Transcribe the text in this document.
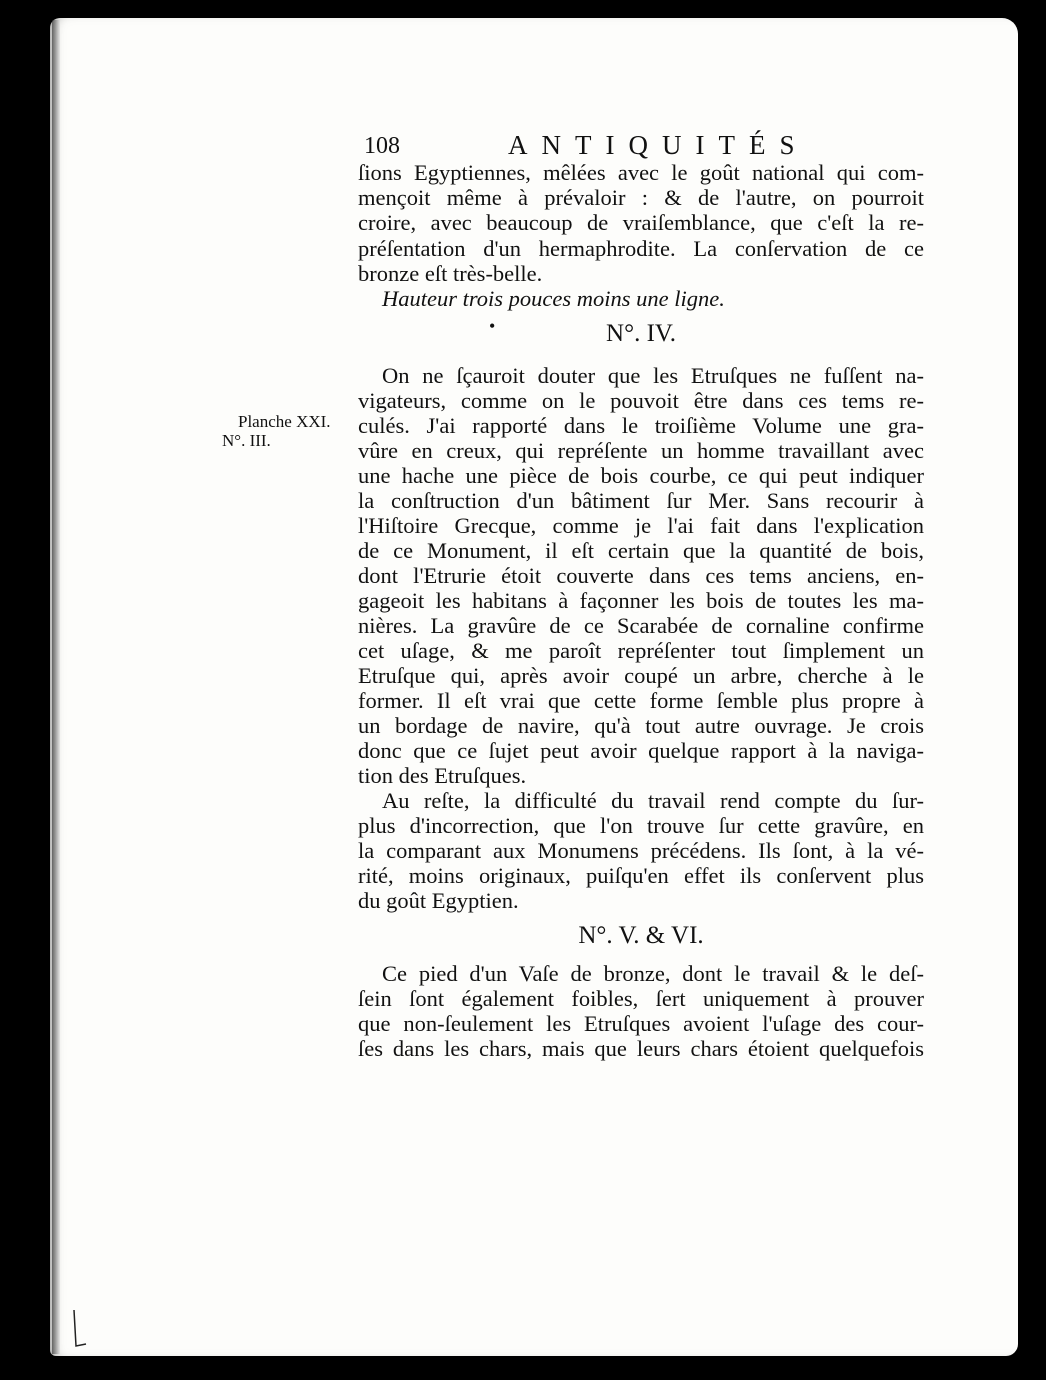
108	ANTIQUITÉS
ſions Egyptiennes, mêlées avec le goût national qui com-
mençoit même à prévaloir : & de l'autre, on pourroit
croire, avec beaucoup de vraiſemblance, que c'eſt la re-
préſentation d'un hermaphrodite. La conſervation de ce
bronze eſt très-belle.
Hauteur trois pouces moins une ligne.
•	N°. IV.
Planche XXI.
N°. III.
On ne ſçauroit douter que les Etruſques ne fuſſent na-
vigateurs, comme on le pouvoit être dans ces tems re-
culés. J'ai rapporté dans le troiſième Volume une gra-
vûre en creux, qui repréſente un homme travaillant avec
une hache une pièce de bois courbe, ce qui peut indiquer
la conſtruction d'un bâtiment ſur Mer. Sans recourir à
l'Hiſtoire Grecque, comme je l'ai fait dans l'explication
de ce Monument, il eſt certain que la quantité de bois,
dont l'Etrurie étoit couverte dans ces tems anciens, en-
gageoit les habitans à façonner les bois de toutes les ma-
nières. La gravûre de ce Scarabée de cornaline confirme
cet uſage, & me paroît repréſenter tout ſimplement un
Etruſque qui, après avoir coupé un arbre, cherche à le
former. Il eſt vrai que cette forme ſemble plus propre à
un bordage de navire, qu'à tout autre ouvrage. Je crois
donc que ce ſujet peut avoir quelque rapport à la naviga-
tion des Etruſques.
Au reſte, la difficulté du travail rend compte du ſur-
plus d'incorrection, que l'on trouve ſur cette gravûre, en
la comparant aux Monumens précédens. Ils ſont, à la vé-
rité, moins originaux, puiſqu'en effet ils conſervent plus
du goût Egyptien.
N°. V. & VI.
Ce pied d'un Vaſe de bronze, dont le travail & le deſ-
ſein ſont également foibles, ſert uniquement à prouver
que non-ſeulement les Etruſques avoient l'uſage des cour-
ſes dans les chars, mais que leurs chars étoient quelquefois
